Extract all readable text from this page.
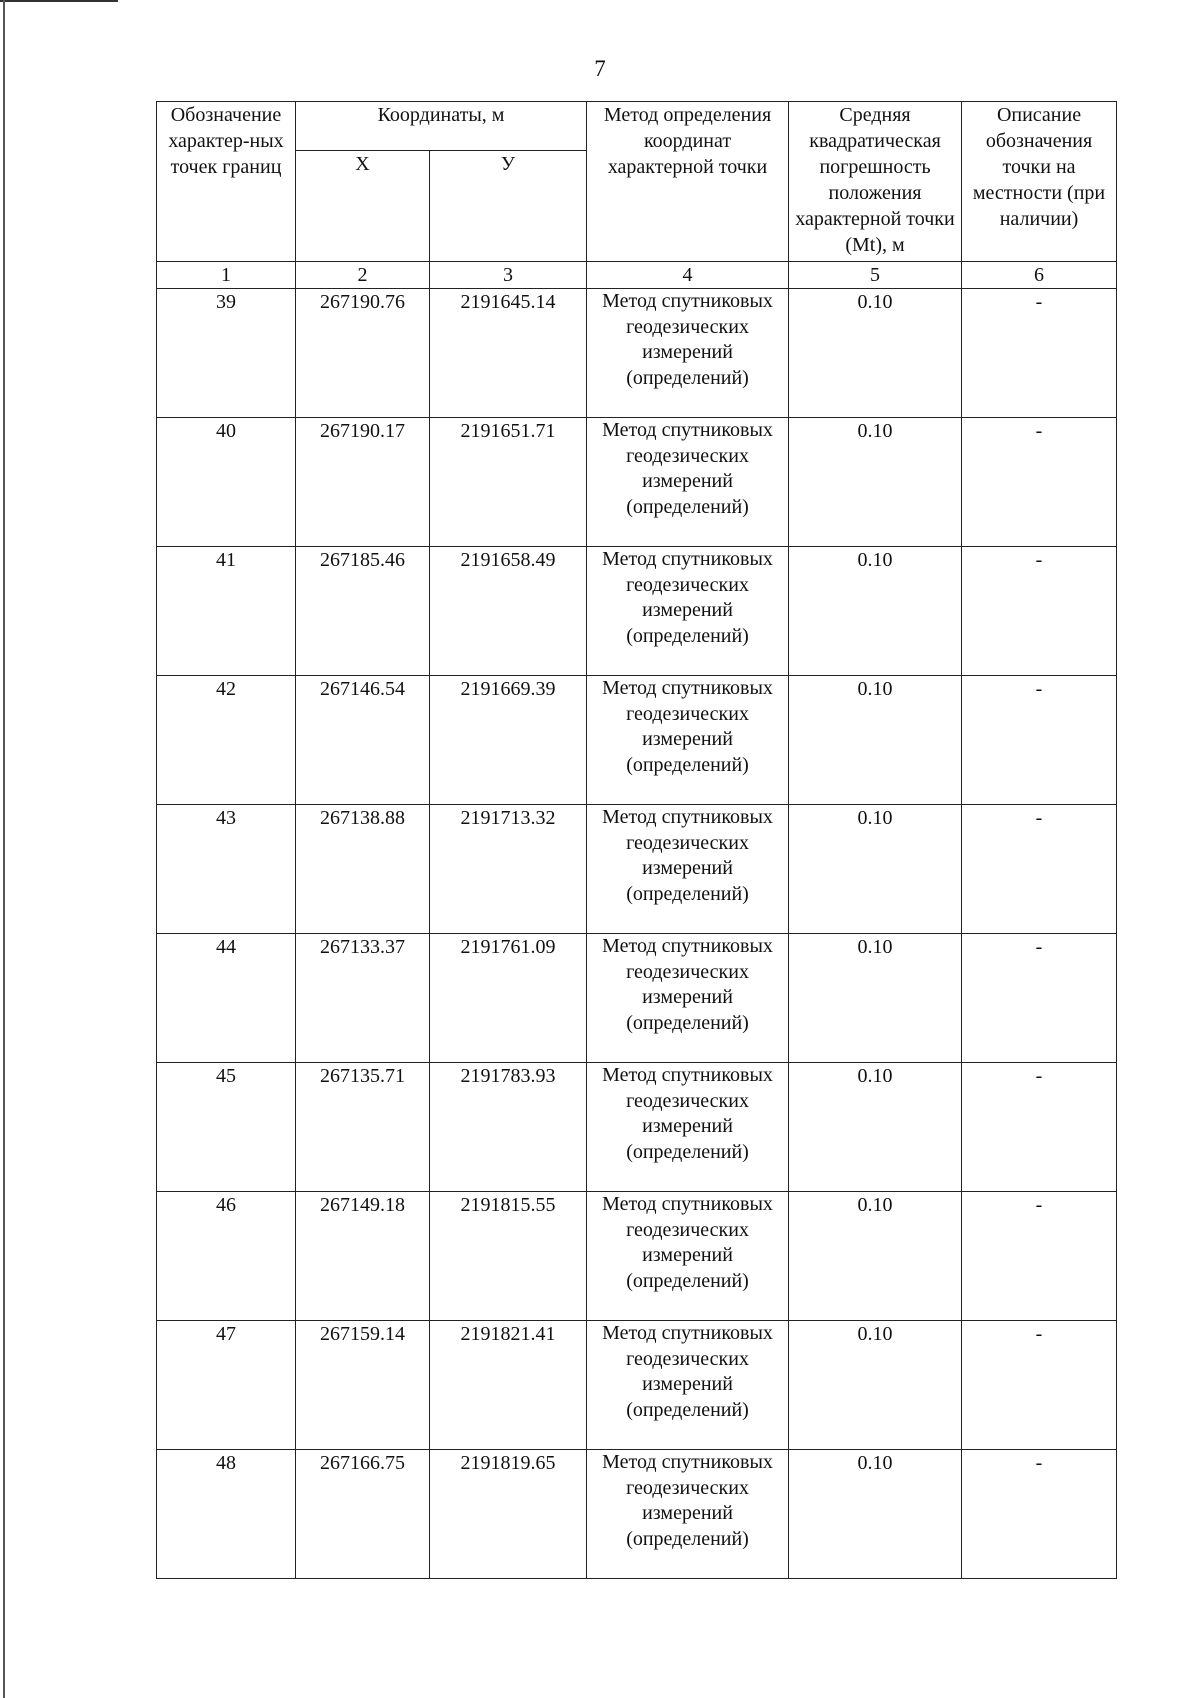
7
Обозначение характер-ных точек границ	Координаты, м		Метод определения координат характерной точки	Средняя квадратическая погрешность положения характерной точки (Mt), м	Описание обозначения точки на местности (при наличии)
	X	У			
1	2	3	4	5	6
39	267190.76	2191645.14	Метод спутниковых геодезических измерений (определений)	0.10	-
40	267190.17	2191651.71	Метод спутниковых геодезических измерений (определений)	0.10	-
41	267185.46	2191658.49	Метод спутниковых геодезических измерений (определений)	0.10	-
42	267146.54	2191669.39	Метод спутниковых геодезических измерений (определений)	0.10	-
43	267138.88	2191713.32	Метод спутниковых геодезических измерений (определений)	0.10	-
44	267133.37	2191761.09	Метод спутниковых геодезических измерений (определений)	0.10	-
45	267135.71	2191783.93	Метод спутниковых геодезических измерений (определений)	0.10	-
46	267149.18	2191815.55	Метод спутниковых геодезических измерений (определений)	0.10	-
47	267159.14	2191821.41	Метод спутниковых геодезических измерений (определений)	0.10	-
48	267166.75	2191819.65	Метод спутниковых геодезических измерений (определений)	0.10	-
